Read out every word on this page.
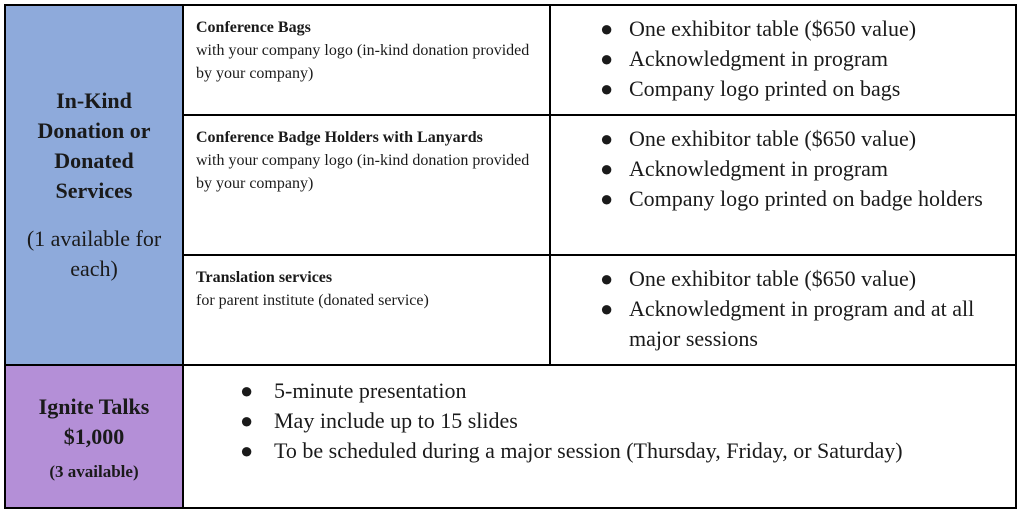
In-Kind
Donation or
Donated
Services
(1 available for
each)
Conference Bags
with your company logo (in-kind donation provided by your company)
● One exhibitor table ($650 value)
● Acknowledgment in program
● Company logo printed on bags
Conference Badge Holders with Lanyards
with your company logo (in-kind donation provided by your company)
● One exhibitor table ($650 value)
● Acknowledgment in program
● Company logo printed on badge holders
Translation services
for parent institute (donated service)
● One exhibitor table ($650 value)
● Acknowledgment in program and at all major sessions
Ignite Talks
$1,000
(3 available)
● 5-minute presentation
● May include up to 15 slides
● To be scheduled during a major session (Thursday, Friday, or Saturday)
